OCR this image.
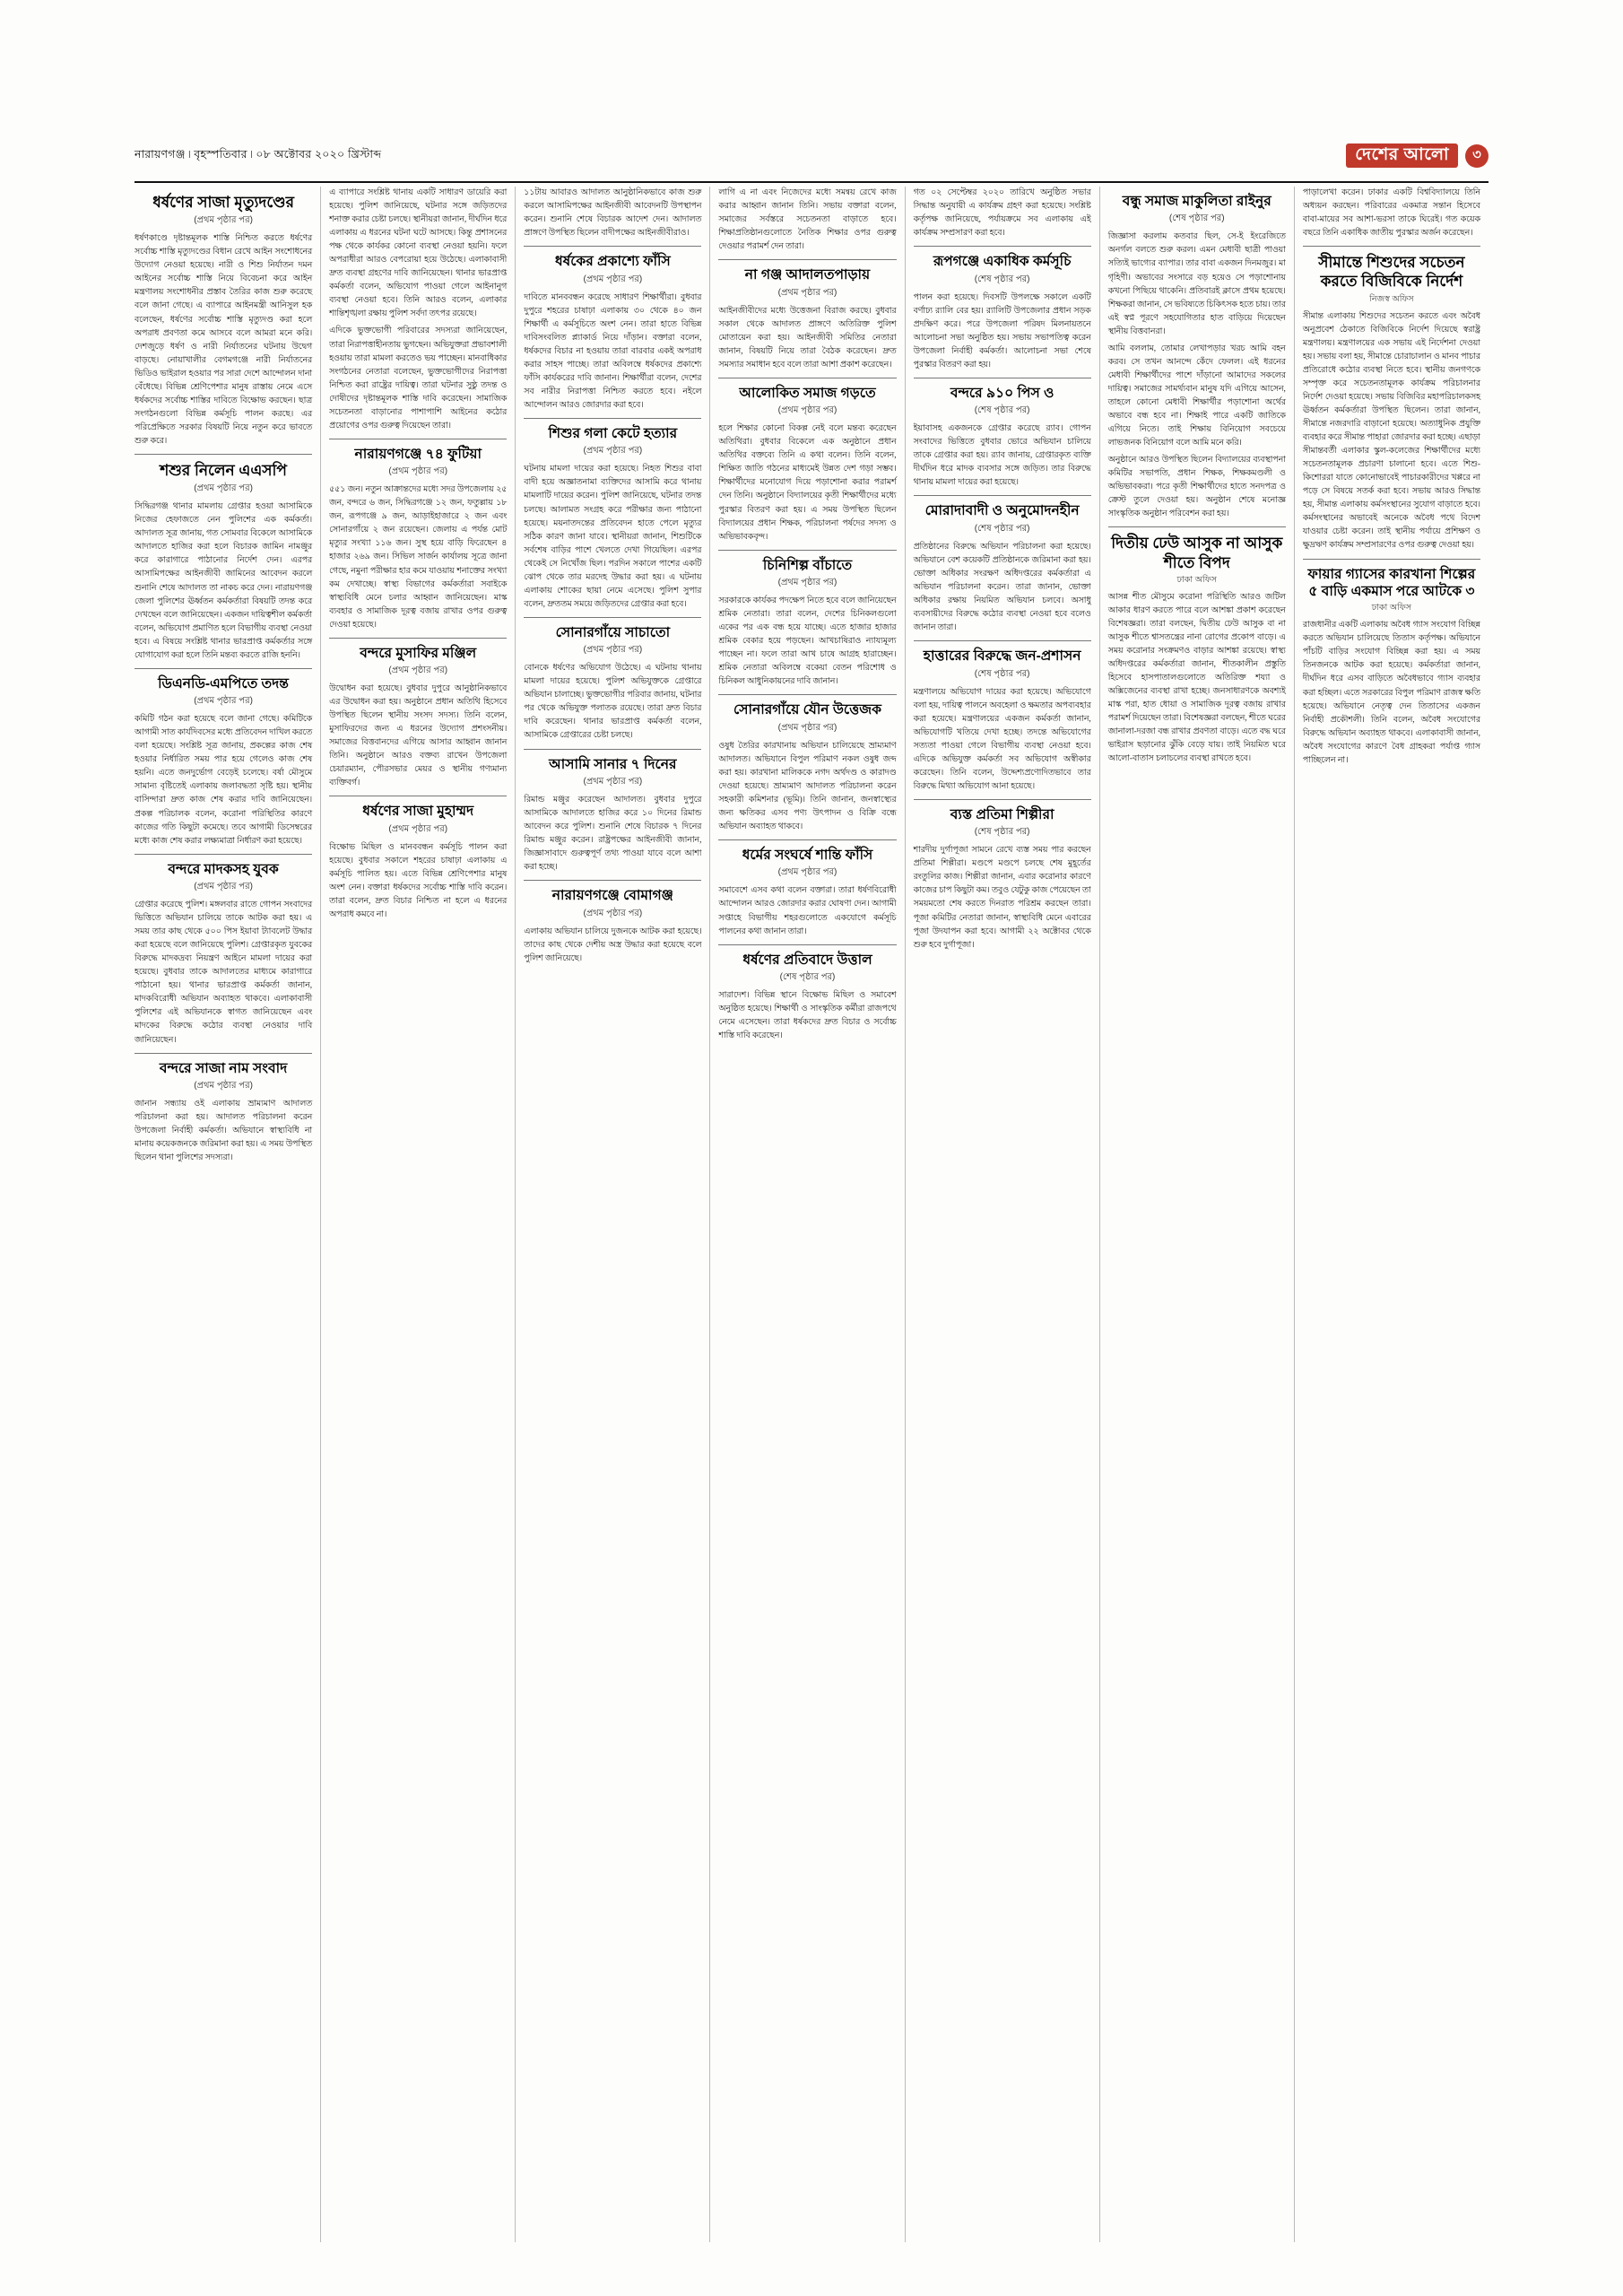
নারায়ণগঞ্জ ৷ বৃহস্পতিবার ৷ ০৮ অক্টোবর ২০২০ খ্রিস্টাব্দ	দেশের আলো	৩
ধর্ষণের সাজা মৃত্যুদণ্ডের
(প্রথম পৃষ্ঠার পর)

ধর্ষণকাণ্ডে দৃষ্টান্তমূলক শাস্তি নিশ্চিত করতে ধর্ষণের সর্বোচ্চ শাস্তি মৃত্যুদণ্ডের বিধান রেখে আইন সংশোধনের উদ্যোগ নেওয়া হয়েছে। নারী ও শিশু নির্যাতন দমন আইনের সর্বোচ্চ শাস্তি নিয়ে বিবেচনা করে আইন মন্ত্রণালয় সংশোধনীর প্রস্তাব তৈরির কাজ শুরু করেছে বলে জানা গেছে। এ ব্যাপারে আইনমন্ত্রী আনিসুল হক বলেছেন, ধর্ষণের সর্বোচ্চ শাস্তি মৃত্যুদণ্ড করা হলে অপরাধ প্রবণতা কমে আসবে বলে আমরা মনে করি। দেশজুড়ে ধর্ষণ ও নারী নির্যাতনের ঘটনায় উদ্বেগ বাড়ছে। নোয়াখালীর বেগমগঞ্জে নারী নির্যাতনের ভিডিও ভাইরাল হওয়ার পর সারা দেশে আন্দোলন দানা বেঁধেছে। বিভিন্ন শ্রেণিপেশার মানুষ রাস্তায় নেমে এসে ধর্ষকদের সর্বোচ্চ শাস্তির দাবিতে বিক্ষোভ করছেন। ছাত্র সংগঠনগুলো বিভিন্ন কর্মসূচি পালন করছে। এর পরিপ্রেক্ষিতে সরকার বিষয়টি নিয়ে নতুন করে ভাবতে শুরু করে।

শশুর নিলেন এএসপি
(প্রথম পৃষ্ঠার পর)

সিদ্ধিরগঞ্জ থানার মামলায় গ্রেপ্তার হওয়া আসামিকে নিজের হেফাজতে নেন পুলিশের এক কর্মকর্তা। আদালত সূত্র জানায়, গত সোমবার বিকেলে আসামিকে আদালতে হাজির করা হলে বিচারক জামিন নামঞ্জুর করে কারাগারে পাঠানোর নির্দেশ দেন। এরপর আসামিপক্ষের আইনজীবী জামিনের আবেদন করলে শুনানি শেষে আদালত তা নাকচ করে দেন। নারায়ণগঞ্জ জেলা পুলিশের ঊর্ধ্বতন কর্মকর্তারা বিষয়টি তদন্ত করে দেখছেন বলে জানিয়েছেন। একজন দায়িত্বশীল কর্মকর্তা বলেন, অভিযোগ প্রমাণিত হলে বিভাগীয় ব্যবস্থা নেওয়া হবে। এ বিষয়ে সংশ্লিষ্ট থানার ভারপ্রাপ্ত কর্মকর্তার সঙ্গে যোগাযোগ করা হলে তিনি মন্তব্য করতে রাজি হননি।

ডিএনডি-এমপিতে তদন্ত
(প্রথম পৃষ্ঠার পর)

কমিটি গঠন করা হয়েছে বলে জানা গেছে। কমিটিকে আগামী সাত কার্যদিবসের মধ্যে প্রতিবেদন দাখিল করতে বলা হয়েছে। সংশ্লিষ্ট সূত্র জানায়, প্রকল্পের কাজ শেষ হওয়ার নির্ধারিত সময় পার হয়ে গেলেও কাজ শেষ হয়নি। এতে জনদুর্ভোগ বেড়েই চলেছে। বর্ষা মৌসুমে সামান্য বৃষ্টিতেই এলাকায় জলাবদ্ধতা সৃষ্টি হয়। স্থানীয় বাসিন্দারা দ্রুত কাজ শেষ করার দাবি জানিয়েছেন। প্রকল্প পরিচালক বলেন, করোনা পরিস্থিতির কারণে কাজের গতি কিছুটা কমেছে। তবে আগামী ডিসেম্বরের মধ্যে কাজ শেষ করার লক্ষ্যমাত্রা নির্ধারণ করা হয়েছে।

বন্দরে মাদকসহ যুবক
(প্রথম পৃষ্ঠার পর)

গ্রেপ্তার করেছে পুলিশ। মঙ্গলবার রাতে গোপন সংবাদের ভিত্তিতে অভিযান চালিয়ে তাকে আটক করা হয়। এ সময় তার কাছ থেকে ৫০০ পিস ইয়াবা ট্যাবলেট উদ্ধার করা হয়েছে বলে জানিয়েছে পুলিশ। গ্রেপ্তারকৃত যুবকের বিরুদ্ধে মাদকদ্রব্য নিয়ন্ত্রণ আইনে মামলা দায়ের করা হয়েছে। বুধবার তাকে আদালতের মাধ্যমে কারাগারে পাঠানো হয়। থানার ভারপ্রাপ্ত কর্মকর্তা জানান, মাদকবিরোধী অভিযান অব্যাহত থাকবে। এলাকাবাসী পুলিশের এই অভিযানকে স্বাগত জানিয়েছেন এবং মাদকের বিরুদ্ধে কঠোর ব্যবস্থা নেওয়ার দাবি জানিয়েছেন।

বন্দরে সাজা নাম সংবাদ
(প্রথম পৃষ্ঠার পর)

জানান সন্ধ্যায় ওই এলাকায় ভ্রাম্যমাণ আদালত পরিচালনা করা হয়। আদালত পরিচালনা করেন উপজেলা নির্বাহী কর্মকর্তা। অভিযানে স্বাস্থ্যবিধি না মানায় কয়েকজনকে জরিমানা করা হয়। এ সময় উপস্থিত ছিলেন থানা পুলিশের সদস্যরা।

এ ব্যাপারে সংশ্লিষ্ট থানায় একটি সাধারণ ডায়েরি করা হয়েছে। পুলিশ জানিয়েছে, ঘটনার সঙ্গে জড়িতদের শনাক্ত করার চেষ্টা চলছে। স্থানীয়রা জানান, দীর্ঘদিন ধরে এলাকায় এ ধরনের ঘটনা ঘটে আসছে। কিন্তু প্রশাসনের পক্ষ থেকে কার্যকর কোনো ব্যবস্থা নেওয়া হয়নি। ফলে অপরাধীরা আরও বেপরোয়া হয়ে উঠেছে। এলাকাবাসী দ্রুত ব্যবস্থা গ্রহণের দাবি জানিয়েছেন। থানার ভারপ্রাপ্ত কর্মকর্তা বলেন, অভিযোগ পাওয়া গেলে আইনানুগ ব্যবস্থা নেওয়া হবে। তিনি আরও বলেন, এলাকার শান্তিশৃঙ্খলা রক্ষায় পুলিশ সর্বদা তৎপর রয়েছে।

এদিকে ভুক্তভোগী পরিবারের সদস্যরা জানিয়েছেন, তারা নিরাপত্তাহীনতায় ভুগছেন। অভিযুক্তরা প্রভাবশালী হওয়ায় তারা মামলা করতেও ভয় পাচ্ছেন। মানবাধিকার সংগঠনের নেতারা বলেছেন, ভুক্তভোগীদের নিরাপত্তা নিশ্চিত করা রাষ্ট্রের দায়িত্ব। তারা ঘটনার সুষ্ঠু তদন্ত ও দোষীদের দৃষ্টান্তমূলক শাস্তি দাবি করেছেন। সামাজিক সচেতনতা বাড়ানোর পাশাপাশি আইনের কঠোর প্রয়োগের ওপর গুরুত্ব দিয়েছেন তারা।

নারায়ণগঞ্জে ৭৪ ফুটিয়া
(প্রথম পৃষ্ঠার পর)

৫৫১ জন। নতুন আক্রান্তদের মধ্যে সদর উপজেলায় ২৫ জন, বন্দরে ৬ জন, সিদ্ধিরগঞ্জে ১২ জন, ফতুল্লায় ১৮ জন, রূপগঞ্জে ৯ জন, আড়াইহাজারে ২ জন এবং সোনারগাঁয়ে ২ জন রয়েছেন। জেলায় এ পর্যন্ত মোট মৃত্যুর সংখ্যা ১১৬ জন। সুস্থ হয়ে বাড়ি ফিরেছেন ৪ হাজার ২৬৯ জন। সিভিল সার্জন কার্যালয় সূত্রে জানা গেছে, নমুনা পরীক্ষার হার কমে যাওয়ায় শনাক্তের সংখ্যা কম দেখাচ্ছে। স্বাস্থ্য বিভাগের কর্মকর্তারা সবাইকে স্বাস্থ্যবিধি মেনে চলার আহ্বান জানিয়েছেন। মাস্ক ব্যবহার ও সামাজিক দূরত্ব বজায় রাখার ওপর গুরুত্ব দেওয়া হয়েছে।

বন্দরে মুসাফির মঞ্জিল
(প্রথম পৃষ্ঠার পর)

উদ্বোধন করা হয়েছে। বুধবার দুপুরে আনুষ্ঠানিকভাবে এর উদ্বোধন করা হয়। অনুষ্ঠানে প্রধান অতিথি হিসেবে উপস্থিত ছিলেন স্থানীয় সংসদ সদস্য। তিনি বলেন, মুসাফিরদের জন্য এ ধরনের উদ্যোগ প্রশংসনীয়। সমাজের বিত্তবানদের এগিয়ে আসার আহ্বান জানান তিনি। অনুষ্ঠানে আরও বক্তব্য রাখেন উপজেলা চেয়ারম্যান, পৌরসভার মেয়র ও স্থানীয় গণ্যমান্য ব্যক্তিবর্গ।

ধর্ষণের সাজা মুহাম্মদ
(প্রথম পৃষ্ঠার পর)

বিক্ষোভ মিছিল ও মানববন্ধন কর্মসূচি পালন করা হয়েছে। বুধবার সকালে শহরের চাষাঢ়া এলাকায় এ কর্মসূচি পালিত হয়। এতে বিভিন্ন শ্রেণিপেশার মানুষ অংশ নেন। বক্তারা ধর্ষকদের সর্বোচ্চ শাস্তি দাবি করেন। তারা বলেন, দ্রুত বিচার নিশ্চিত না হলে এ ধরনের অপরাধ কমবে না।

১১টায় আবারও আদালত আনুষ্ঠানিকভাবে কাজ শুরু করলে আসামিপক্ষের আইনজীবী আবেদনটি উপস্থাপন করেন। শুনানি শেষে বিচারক আদেশ দেন। আদালত প্রাঙ্গণে উপস্থিত ছিলেন বাদীপক্ষের আইনজীবীরাও।

ধর্ষকের প্রকাশ্যে ফাঁসি
(প্রথম পৃষ্ঠার পর)

দাবিতে মানববন্ধন করেছে সাধারণ শিক্ষার্থীরা। বুধবার দুপুরে শহরের চাষাঢ়া এলাকায় ৩০ থেকে ৪০ জন শিক্ষার্থী এ কর্মসূচিতে অংশ নেন। তারা হাতে বিভিন্ন দাবিসংবলিত প্ল্যাকার্ড নিয়ে দাঁড়ান। বক্তারা বলেন, ধর্ষকদের বিচার না হওয়ায় তারা বারবার একই অপরাধ করার সাহস পাচ্ছে। তারা অবিলম্বে ধর্ষকদের প্রকাশ্যে ফাঁসি কার্যকরের দাবি জানান। শিক্ষার্থীরা বলেন, দেশের সব নারীর নিরাপত্তা নিশ্চিত করতে হবে। নইলে আন্দোলন আরও জোরদার করা হবে।

শিশুর গলা কেটে হত্যার
(প্রথম পৃষ্ঠার পর)

ঘটনায় মামলা দায়ের করা হয়েছে। নিহত শিশুর বাবা বাদী হয়ে অজ্ঞাতনামা ব্যক্তিদের আসামি করে থানায় মামলাটি দায়ের করেন। পুলিশ জানিয়েছে, ঘটনার তদন্ত চলছে। আলামত সংগ্রহ করে পরীক্ষার জন্য পাঠানো হয়েছে। ময়নাতদন্তের প্রতিবেদন হাতে পেলে মৃত্যুর সঠিক কারণ জানা যাবে। স্থানীয়রা জানান, শিশুটিকে সর্বশেষ বাড়ির পাশে খেলতে দেখা গিয়েছিল। এরপর থেকেই সে নিখোঁজ ছিল। পরদিন সকালে পাশের একটি ঝোপ থেকে তার মরদেহ উদ্ধার করা হয়। এ ঘটনায় এলাকায় শোকের ছায়া নেমে এসেছে। পুলিশ সুপার বলেন, দ্রুততম সময়ে জড়িতদের গ্রেপ্তার করা হবে।

সোনারগাঁয়ে সাচাতো
(প্রথম পৃষ্ঠার পর)

বোনকে ধর্ষণের অভিযোগ উঠেছে। এ ঘটনায় থানায় মামলা দায়ের হয়েছে। পুলিশ অভিযুক্তকে গ্রেপ্তারে অভিযান চালাচ্ছে। ভুক্তভোগীর পরিবার জানায়, ঘটনার পর থেকে অভিযুক্ত পলাতক রয়েছে। তারা দ্রুত বিচার দাবি করেছেন। থানার ভারপ্রাপ্ত কর্মকর্তা বলেন, আসামিকে গ্রেপ্তারের চেষ্টা চলছে।

আসামি সানার ৭ দিনের
(প্রথম পৃষ্ঠার পর)

রিমান্ড মঞ্জুর করেছেন আদালত। বুধবার দুপুরে আসামিকে আদালতে হাজির করে ১০ দিনের রিমান্ড আবেদন করে পুলিশ। শুনানি শেষে বিচারক ৭ দিনের রিমান্ড মঞ্জুর করেন। রাষ্ট্রপক্ষের আইনজীবী জানান, জিজ্ঞাসাবাদে গুরুত্বপূর্ণ তথ্য পাওয়া যাবে বলে আশা করা হচ্ছে।

নারায়ণগঞ্জে বোমাগঞ্জ
(প্রথম পৃষ্ঠার পর)

এলাকায় অভিযান চালিয়ে দুজনকে আটক করা হয়েছে। তাদের কাছ থেকে দেশীয় অস্ত্র উদ্ধার করা হয়েছে বলে পুলিশ জানিয়েছে।

লাগি এ না এবং নিজেদের মধ্যে সমন্বয় রেখে কাজ করার আহ্বান জানান তিনি। সভায় বক্তারা বলেন, সমাজের সর্বস্তরে সচেতনতা বাড়াতে হবে। শিক্ষাপ্রতিষ্ঠানগুলোতে নৈতিক শিক্ষার ওপর গুরুত্ব দেওয়ার পরামর্শ দেন তারা।

না গঞ্জ আদালতপাড়ায়
(প্রথম পৃষ্ঠার পর)

আইনজীবীদের মধ্যে উত্তেজনা বিরাজ করছে। বুধবার সকাল থেকে আদালত প্রাঙ্গণে অতিরিক্ত পুলিশ মোতায়েন করা হয়। আইনজীবী সমিতির নেতারা জানান, বিষয়টি নিয়ে তারা বৈঠক করেছেন। দ্রুত সমস্যার সমাধান হবে বলে তারা আশা প্রকাশ করেছেন।

আলোকিত সমাজ গড়তে
(প্রথম পৃষ্ঠার পর)

হলে শিক্ষার কোনো বিকল্প নেই বলে মন্তব্য করেছেন অতিথিরা। বুধবার বিকেলে এক অনুষ্ঠানে প্রধান অতিথির বক্তব্যে তিনি এ কথা বলেন। তিনি বলেন, শিক্ষিত জাতি গঠনের মাধ্যমেই উন্নত দেশ গড়া সম্ভব। শিক্ষার্থীদের মনোযোগ দিয়ে পড়াশোনা করার পরামর্শ দেন তিনি। অনুষ্ঠানে বিদ্যালয়ের কৃতী শিক্ষার্থীদের মধ্যে পুরস্কার বিতরণ করা হয়। এ সময় উপস্থিত ছিলেন বিদ্যালয়ের প্রধান শিক্ষক, পরিচালনা পর্ষদের সদস্য ও অভিভাবকবৃন্দ।

চিনিশিল্প বাঁচাতে
(প্রথম পৃষ্ঠার পর)

সরকারকে কার্যকর পদক্ষেপ নিতে হবে বলে জানিয়েছেন শ্রমিক নেতারা। তারা বলেন, দেশের চিনিকলগুলো একের পর এক বন্ধ হয়ে যাচ্ছে। এতে হাজার হাজার শ্রমিক বেকার হয়ে পড়ছেন। আখচাষিরাও ন্যায্যমূল্য পাচ্ছেন না। ফলে তারা আখ চাষে আগ্রহ হারাচ্ছেন। শ্রমিক নেতারা অবিলম্বে বকেয়া বেতন পরিশোধ ও চিনিকল আধুনিকায়নের দাবি জানান।

সোনারগাঁয়ে যৌন উত্তেজক
(প্রথম পৃষ্ঠার পর)

ওষুধ তৈরির কারখানায় অভিযান চালিয়েছে ভ্রাম্যমাণ আদালত। অভিযানে বিপুল পরিমাণ নকল ওষুধ জব্দ করা হয়। কারখানা মালিককে নগদ অর্থদণ্ড ও কারাদণ্ড দেওয়া হয়েছে। ভ্রাম্যমাণ আদালত পরিচালনা করেন সহকারী কমিশনার (ভূমি)। তিনি জানান, জনস্বাস্থ্যের জন্য ক্ষতিকর এসব পণ্য উৎপাদন ও বিক্রি বন্ধে অভিযান অব্যাহত থাকবে।

ধর্মের সংঘর্ষে শান্তি ফাঁসি
(প্রথম পৃষ্ঠার পর)

সমাবেশে এসব কথা বলেন বক্তারা। তারা ধর্ষণবিরোধী আন্দোলন আরও জোরদার করার ঘোষণা দেন। আগামী সপ্তাহে বিভাগীয় শহরগুলোতে একযোগে কর্মসূচি পালনের কথা জানান তারা।

ধর্ষণের প্রতিবাদে উত্তাল
(শেষ পৃষ্ঠার পর)

সারাদেশ। বিভিন্ন স্থানে বিক্ষোভ মিছিল ও সমাবেশ অনুষ্ঠিত হয়েছে। শিক্ষার্থী ও সাংস্কৃতিক কর্মীরা রাজপথে নেমে এসেছেন। তারা ধর্ষকদের দ্রুত বিচার ও সর্বোচ্চ শাস্তি দাবি করেছেন।

গত ০২ সেপ্টেম্বর ২০২০ তারিখে অনুষ্ঠিত সভার সিদ্ধান্ত অনুযায়ী এ কার্যক্রম গ্রহণ করা হয়েছে। সংশ্লিষ্ট কর্তৃপক্ষ জানিয়েছে, পর্যায়ক্রমে সব এলাকায় এই কার্যক্রম সম্প্রসারণ করা হবে।

রূপগঞ্জে একাধিক কর্মসূচি
(শেষ পৃষ্ঠার পর)

পালন করা হয়েছে। দিবসটি উপলক্ষে সকালে একটি বর্ণাঢ্য র‍্যালি বের হয়। র‍্যালিটি উপজেলার প্রধান সড়ক প্রদক্ষিণ করে। পরে উপজেলা পরিষদ মিলনায়তনে আলোচনা সভা অনুষ্ঠিত হয়। সভায় সভাপতিত্ব করেন উপজেলা নির্বাহী কর্মকর্তা। আলোচনা সভা শেষে পুরস্কার বিতরণ করা হয়।

বন্দরে ৯১০ পিস ও
(শেষ পৃষ্ঠার পর)

ইয়াবাসহ একজনকে গ্রেপ্তার করেছে র‍্যাব। গোপন সংবাদের ভিত্তিতে বুধবার ভোরে অভিযান চালিয়ে তাকে গ্রেপ্তার করা হয়। র‍্যাব জানায়, গ্রেপ্তারকৃত ব্যক্তি দীর্ঘদিন ধরে মাদক ব্যবসার সঙ্গে জড়িত। তার বিরুদ্ধে থানায় মামলা দায়ের করা হয়েছে।

মোরাদাবাদী ও অনুমোদনহীন
(শেষ পৃষ্ঠার পর)

প্রতিষ্ঠানের বিরুদ্ধে অভিযান পরিচালনা করা হয়েছে। অভিযানে বেশ কয়েকটি প্রতিষ্ঠানকে জরিমানা করা হয়। ভোক্তা অধিকার সংরক্ষণ অধিদপ্তরের কর্মকর্তারা এ অভিযান পরিচালনা করেন। তারা জানান, ভোক্তা অধিকার রক্ষায় নিয়মিত অভিযান চলবে। অসাধু ব্যবসায়ীদের বিরুদ্ধে কঠোর ব্যবস্থা নেওয়া হবে বলেও জানান তারা।

হাত্তারের বিরুদ্ধে জন-প্রশাসন
(শেষ পৃষ্ঠার পর)

মন্ত্রণালয়ে অভিযোগ দায়ের করা হয়েছে। অভিযোগে বলা হয়, দায়িত্ব পালনে অবহেলা ও ক্ষমতার অপব্যবহার করা হয়েছে। মন্ত্রণালয়ের একজন কর্মকর্তা জানান, অভিযোগটি খতিয়ে দেখা হচ্ছে। তদন্তে অভিযোগের সত্যতা পাওয়া গেলে বিভাগীয় ব্যবস্থা নেওয়া হবে। এদিকে অভিযুক্ত কর্মকর্তা সব অভিযোগ অস্বীকার করেছেন। তিনি বলেন, উদ্দেশ্যপ্রণোদিতভাবে তার বিরুদ্ধে মিথ্যা অভিযোগ আনা হয়েছে।

ব্যস্ত প্রতিমা শিল্পীরা
(শেষ পৃষ্ঠার পর)

শারদীয় দুর্গাপূজা সামনে রেখে ব্যস্ত সময় পার করছেন প্রতিমা শিল্পীরা। মণ্ডপে মণ্ডপে চলছে শেষ মুহূর্তের রংতুলির কাজ। শিল্পীরা জানান, এবার করোনার কারণে কাজের চাপ কিছুটা কম। তবুও যেটুকু কাজ পেয়েছেন তা সময়মতো শেষ করতে দিনরাত পরিশ্রম করছেন তারা। পূজা কমিটির নেতারা জানান, স্বাস্থ্যবিধি মেনে এবারের পূজা উদযাপন করা হবে। আগামী ২২ অক্টোবর থেকে শুরু হবে দুর্গাপূজা।

বন্ধু সমাজ মাকুলিতা রাইনুর
(শেষ পৃষ্ঠার পর)

জিজ্ঞাসা করলাম কতবার ছিল, সে-ই ইংরেজিতে অনর্গল বলতে শুরু করল। এমন মেধাবী ছাত্রী পাওয়া সত্যিই ভাগ্যের ব্যাপার। তার বাবা একজন দিনমজুর। মা গৃহিণী। অভাবের সংসারে বড় হয়েও সে পড়াশোনায় কখনো পিছিয়ে থাকেনি। প্রতিবারই ক্লাসে প্রথম হয়েছে। শিক্ষকরা জানান, সে ভবিষ্যতে চিকিৎসক হতে চায়। তার এই স্বপ্ন পূরণে সহযোগিতার হাত বাড়িয়ে দিয়েছেন স্থানীয় বিত্তবানরা।

আমি বললাম, তোমার লেখাপড়ার খরচ আমি বহন করব। সে তখন আনন্দে কেঁদে ফেলল। এই ধরনের মেধাবী শিক্ষার্থীদের পাশে দাঁড়ানো আমাদের সকলের দায়িত্ব। সমাজের সামর্থ্যবান মানুষ যদি এগিয়ে আসেন, তাহলে কোনো মেধাবী শিক্ষার্থীর পড়াশোনা অর্থের অভাবে বন্ধ হবে না। শিক্ষাই পারে একটি জাতিকে এগিয়ে নিতে। তাই শিক্ষায় বিনিয়োগ সবচেয়ে লাভজনক বিনিয়োগ বলে আমি মনে করি।

অনুষ্ঠানে আরও উপস্থিত ছিলেন বিদ্যালয়ের ব্যবস্থাপনা কমিটির সভাপতি, প্রধান শিক্ষক, শিক্ষকমণ্ডলী ও অভিভাবকরা। পরে কৃতী শিক্ষার্থীদের হাতে সনদপত্র ও ক্রেস্ট তুলে দেওয়া হয়। অনুষ্ঠান শেষে মনোজ্ঞ সাংস্কৃতিক অনুষ্ঠান পরিবেশন করা হয়।

দিতীয় ঢেউ আসুক না আসুক শীতে বিপদ
ঢাকা অফিস

আসন্ন শীত মৌসুমে করোনা পরিস্থিতি আরও জটিল আকার ধারণ করতে পারে বলে আশঙ্কা প্রকাশ করেছেন বিশেষজ্ঞরা। তারা বলছেন, দ্বিতীয় ঢেউ আসুক বা না আসুক শীতে শ্বাসতন্ত্রের নানা রোগের প্রকোপ বাড়ে। এ সময় করোনার সংক্রমণও বাড়ার আশঙ্কা রয়েছে। স্বাস্থ্য অধিদপ্তরের কর্মকর্তারা জানান, শীতকালীন প্রস্তুতি হিসেবে হাসপাতালগুলোতে অতিরিক্ত শয্যা ও অক্সিজেনের ব্যবস্থা রাখা হচ্ছে। জনসাধারণকে অবশ্যই মাস্ক পরা, হাত ধোয়া ও সামাজিক দূরত্ব বজায় রাখার পরামর্শ দিয়েছেন তারা। বিশেষজ্ঞরা বলছেন, শীতে ঘরের জানালা-দরজা বন্ধ রাখার প্রবণতা বাড়ে। এতে বদ্ধ ঘরে ভাইরাস ছড়ানোর ঝুঁকি বেড়ে যায়। তাই নিয়মিত ঘরে আলো-বাতাস চলাচলের ব্যবস্থা রাখতে হবে।

পাড়ালেখা করেন। ঢাকার একটি বিশ্ববিদ্যালয়ে তিনি অধ্যয়ন করছেন। পরিবারের একমাত্র সন্তান হিসেবে বাবা-মায়ের সব আশা-ভরসা তাকে ঘিরেই। গত কয়েক বছরে তিনি একাধিক জাতীয় পুরস্কার অর্জন করেছেন।

সীমান্তে শিশুদের সচেতন করতে বিজিবিকে নির্দেশ
নিজস্ব অফিস

সীমান্ত এলাকায় শিশুদের সচেতন করতে এবং অবৈধ অনুপ্রবেশ ঠেকাতে বিজিবিকে নির্দেশ দিয়েছে স্বরাষ্ট্র মন্ত্রণালয়। মন্ত্রণালয়ের এক সভায় এই নির্দেশনা দেওয়া হয়। সভায় বলা হয়, সীমান্তে চোরাচালান ও মানব পাচার প্রতিরোধে কঠোর ব্যবস্থা নিতে হবে। স্থানীয় জনগণকে সম্পৃক্ত করে সচেতনতামূলক কার্যক্রম পরিচালনার নির্দেশ দেওয়া হয়েছে। সভায় বিজিবির মহাপরিচালকসহ ঊর্ধ্বতন কর্মকর্তারা উপস্থিত ছিলেন। তারা জানান, সীমান্তে নজরদারি বাড়ানো হয়েছে। অত্যাধুনিক প্রযুক্তি ব্যবহার করে সীমান্ত পাহারা জোরদার করা হচ্ছে। এছাড়া সীমান্তবর্তী এলাকার স্কুল-কলেজের শিক্ষার্থীদের মধ্যে সচেতনতামূলক প্রচারণা চালানো হবে। এতে শিশু-কিশোররা যাতে কোনোভাবেই পাচারকারীদের খপ্পরে না পড়ে সে বিষয়ে সতর্ক করা হবে। সভায় আরও সিদ্ধান্ত হয়, সীমান্ত এলাকায় কর্মসংস্থানের সুযোগ বাড়াতে হবে। কর্মসংস্থানের অভাবেই অনেকে অবৈধ পথে বিদেশ যাওয়ার চেষ্টা করেন। তাই স্থানীয় পর্যায়ে প্রশিক্ষণ ও ক্ষুদ্রঋণ কার্যক্রম সম্প্রসারণের ওপর গুরুত্ব দেওয়া হয়।

ফায়ার গ্যাসের কারখানা শিল্পের ৫ বাড়ি একমাস পরে আটকে ৩
ঢাকা অফিস

রাজধানীর একটি এলাকায় অবৈধ গ্যাস সংযোগ বিচ্ছিন্ন করতে অভিযান চালিয়েছে তিতাস কর্তৃপক্ষ। অভিযানে পাঁচটি বাড়ির সংযোগ বিচ্ছিন্ন করা হয়। এ সময় তিনজনকে আটক করা হয়েছে। কর্মকর্তারা জানান, দীর্ঘদিন ধরে এসব বাড়িতে অবৈধভাবে গ্যাস ব্যবহার করা হচ্ছিল। এতে সরকারের বিপুল পরিমাণ রাজস্ব ক্ষতি হয়েছে। অভিযানে নেতৃত্ব দেন তিতাসের একজন নির্বাহী প্রকৌশলী। তিনি বলেন, অবৈধ সংযোগের বিরুদ্ধে অভিযান অব্যাহত থাকবে। এলাকাবাসী জানান, অবৈধ সংযোগের কারণে বৈধ গ্রাহকরা পর্যাপ্ত গ্যাস পাচ্ছিলেন না।
